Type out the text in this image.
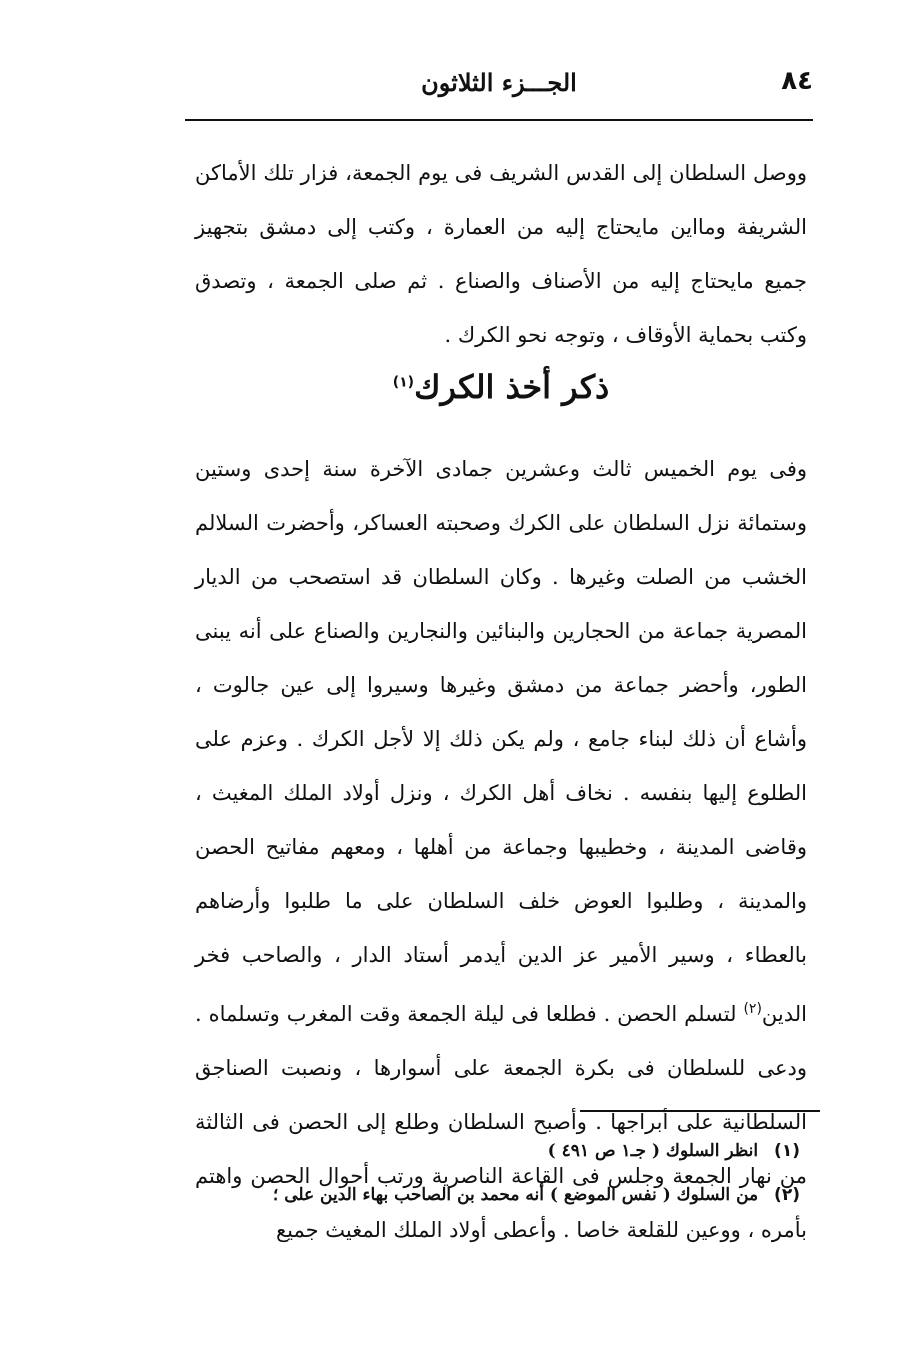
٨٤
الجـــزء الثلاثون

ووصل السلطان إلى القدس الشريف فى يوم الجمعة، فزار تلك الأماكن الشريفة ومااين مايحتاج إليه من العمارة ، وكتب إلى دمشق بتجهيز جميع مايحتاج إليه من الأصناف والصناع . ثم صلى الجمعة ، وتصدق وكتب بحماية الأوقاف ، وتوجه نحو الكرك .

ذكر أخذ الكرك$^{(١)}$

وفى يوم الخميس ثالث وعشرين جمادى الآخرة سنة إحدى وستين وستمائة نزل السلطان على الكرك وصحبته العساكر، وأحضرت السلالم الخشب من الصلت وغيرها . وكان السلطان قد استصحب من الديار المصرية جماعة من الحجارين والبنائين والنجارين والصناع على أنه يبنى الطور، وأحضر جماعة من دمشق وغيرها وسيروا إلى عين جالوت ، وأشاع أن ذلك لبناء جامع ، ولم يكن ذلك إلا لأجل الكرك . وعزم على الطلوع إليها بنفسه . نخاف أهل الكرك ، ونزل أولاد الملك المغيث ، وقاضى المدينة ، وخطيبها وجماعة من أهلها ، ومعهم مفاتيح الحصن والمدينة ، وطلبوا العوض خلف السلطان على ما طلبوا وأرضاهم بالعطاء ، وسير الأمير عز الدين أيدمر أستاد الدار ، والصاحب فخر الدين$^{(٢)}$ لتسلم الحصن . فطلعا فى ليلة الجمعة وقت المغرب وتسلماه . ودعى للسلطان فى بكرة الجمعة على أسوارها ، ونصبت الصناجق السلطانية على أبراجها . وأصبح السلطان وطلع إلى الحصن فى الثالثة من نهار الجمعة وجلس فى القاعة الناصرية ورتب أحوال الحصن واهتم بأمره ، ووعين للقلعة خاصا . وأعطى أولاد الملك المغيث جميع

(١) انظر السلوك ( جـ١ ص ٤٩١ )
(٢) من السلوك ( نفس الموضع ) أنه محمد بن الصاحب بهاء الدين على ؛
